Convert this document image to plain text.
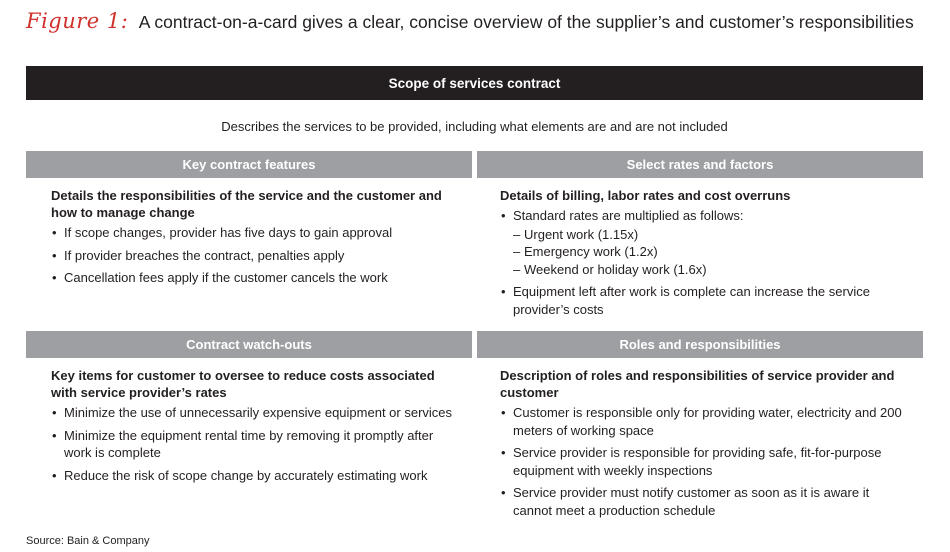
Figure 1: A contract-on-a-card gives a clear, concise overview of the supplier’s and customer’s responsibilities
Scope of services contract
Describes the services to be provided, including what elements are and are not included
Key contract features
Details the responsibilities of the service and the customer and how to manage change
• If scope changes, provider has five days to gain approval
• If provider breaches the contract, penalties apply
• Cancellation fees apply if the customer cancels the work
Select rates and factors
Details of billing, labor rates and cost overruns
• Standard rates are multiplied as follows:
– Urgent work (1.15x)
– Emergency work (1.2x)
– Weekend or holiday work (1.6x)
• Equipment left after work is complete can increase the service provider’s costs
Contract watch-outs
Key items for customer to oversee to reduce costs associated with service provider’s rates
• Minimize the use of unnecessarily expensive equipment or services
• Minimize the equipment rental time by removing it promptly after work is complete
• Reduce the risk of scope change by accurately estimating work
Roles and responsibilities
Description of roles and responsibilities of service provider and customer
• Customer is responsible only for providing water, electricity and 200 meters of working space
• Service provider is responsible for providing safe, fit-for-purpose equipment with weekly inspections
• Service provider must notify customer as soon as it is aware it cannot meet a production schedule
Source: Bain & Company
